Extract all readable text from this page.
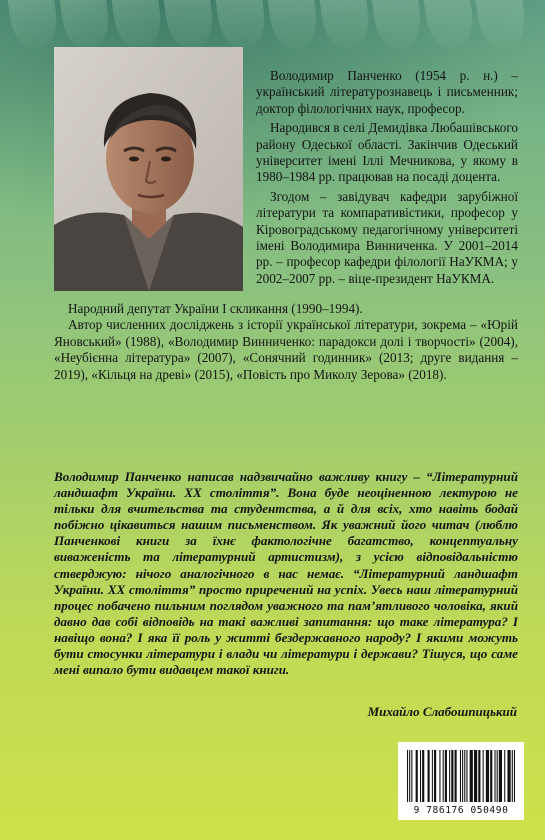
Володимир Панченко (1954 р. н.) – український літературознавець і письменник; доктор філологічних наук, професор.

Народився в селі Демидівка Любашівського району Одеської області. Закінчив Одеський університет імені Іллі Мечникова, у якому в 1980–1984 рр. працював на посаді доцента.

Згодом – завідувач кафедри зарубіжної літератури та компаративістики, професор у Кіровоградському педагогічному університеті імені Володимира Винниченка. У 2001–2014 рр. – професор кафедри філології НаУКМА; у 2002–2007 рр. – віце-президент НаУКМА.

Народний депутат України I скликання (1990–1994).

Автор численних досліджень з історії української літератури, зокрема – «Юрій Яновський» (1988), «Володимир Винниченко: парадокси долі і творчості» (2004), «Неубієнна література» (2007), «Сонячний годинник» (2013; друге видання – 2019), «Кільця на древі» (2015), «Повість про Миколу Зерова» (2018).

Володимир Панченко написав надзвичайно важливу книгу – “Літературний ландшафт України. XX століття”. Вона буде неоціненною лектурою не тільки для вчительства та студентства, а й для всіх, хто навіть бодай побіжно цікавиться нашим письменством. Як уважний його читач (люблю Панченкові книги за їхнє фактологічне багатство, концептуальну виваженість та літературний артистизм), з усією відповідальністю стверджую: нічого аналогічного в нас немає. “Літературний ландшафт України. XX століття” просто приречений на успіх. Увесь наш літературний процес побачено пильним поглядом уважного та пам’ятливого чоловіка, який давно дав собі відповідь на такі важливі запитання: що таке література? І навіщо вона? І яка її роль у житті бездержавного народу? І якими можуть бути стосунки літератури і влади чи літератури і держави? Тішуся, що саме мені випало бути видавцем такої книги.

Михайло Слабошпицький

9 786176 050490
